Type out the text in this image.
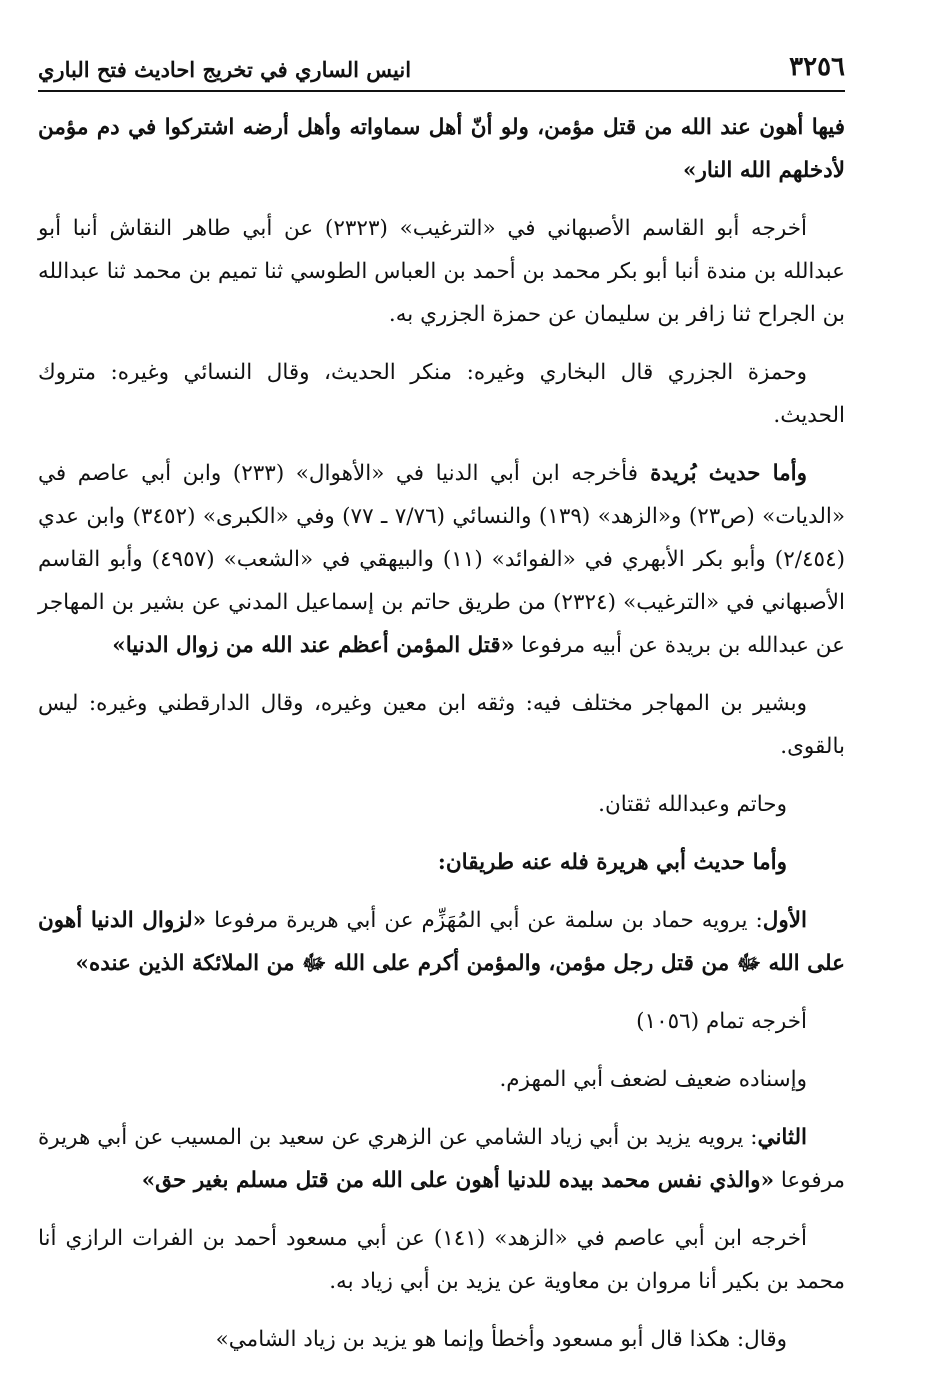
٣٢٥٦
انيس الساري في تخريج احاديث فتح الباري

فيها أهون عند الله من قتل مؤمن، ولو أنّ أهل سماواته وأهل أرضه اشتركوا في دم مؤمن لأدخلهم الله النار»

أخرجه أبو القاسم الأصبهاني في «الترغيب» (٢٣٢٣) عن أبي طاهر النقاش أنبا أبو عبدالله بن مندة أنبا أبو بكر محمد بن أحمد بن العباس الطوسي ثنا تميم بن محمد ثنا عبدالله بن الجراح ثنا زافر بن سليمان عن حمزة الجزري به.

وحمزة الجزري قال البخاري وغيره: منكر الحديث، وقال النسائي وغيره: متروك الحديث.

وأما حديث بُريدة فأخرجه ابن أبي الدنيا في «الأهوال» (٢٣٣) وابن أبي عاصم في «الديات» (ص٢٣) و«الزهد» (١٣٩) والنسائي (٧/٧٦ ـ ٧٧) وفي «الكبرى» (٣٤٥٢) وابن عدي (٢/٤٥٤) وأبو بكر الأبهري في «الفوائد» (١١) والبيهقي في «الشعب» (٤٩٥٧) وأبو القاسم الأصبهاني في «الترغيب» (٢٣٢٤) من طريق حاتم بن إسماعيل المدني عن بشير بن المهاجر عن عبدالله بن بريدة عن أبيه مرفوعا «قتل المؤمن أعظم عند الله من زوال الدنيا»

وبشير بن المهاجر مختلف فيه: وثقه ابن معين وغيره، وقال الدارقطني وغيره: ليس بالقوى.

وحاتم وعبدالله ثقتان.

وأما حديث أبي هريرة فله عنه طريقان:

الأول: يرويه حماد بن سلمة عن أبي المُهَزِّم عن أبي هريرة مرفوعا «لزوال الدنيا أهون على الله ﷻ من قتل رجل مؤمن، والمؤمن أكرم على الله ﷻ من الملائكة الذين عنده»

أخرجه تمام (١٠٥٦)

وإسناده ضعيف لضعف أبي المهزم.

الثاني: يرويه يزيد بن أبي زياد الشامي عن الزهري عن سعيد بن المسيب عن أبي هريرة مرفوعا «والذي نفس محمد بيده للدنيا أهون على الله من قتل مسلم بغير حق»

أخرجه ابن أبي عاصم في «الزهد» (١٤١) عن أبي مسعود أحمد بن الفرات الرازي أنا محمد بن بكير أنا مروان بن معاوية عن يزيد بن أبي زياد به.

وقال: هكذا قال أبو مسعود وأخطأ وإنما هو يزيد بن زياد الشامي»
